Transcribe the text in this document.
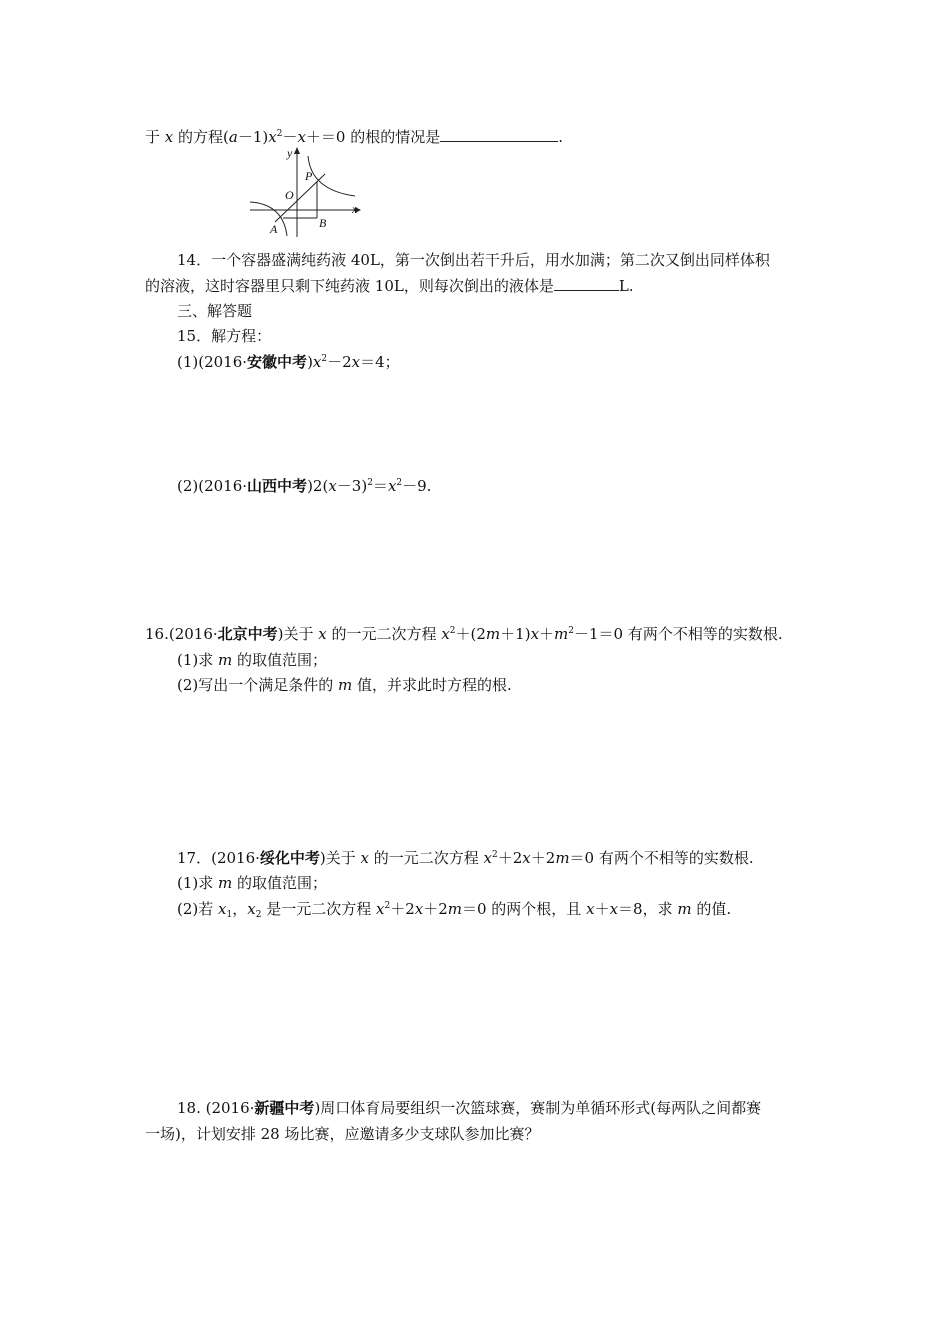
于 x 的方程$(a-1)x^2-x+=0$ 的根的情况是	.
y
x
O
P
A	B
14．一个容器盛满纯药液 40L，第一次倒出若干升后，用水加满；第二次又倒出同样体积
的溶液，这时容器里只剩下纯药液 10L，则每次倒出的液体是	L.
三、解答题
15．解方程：
(1)(2016·安徽中考)$x^2-2x=4$；
(2)(2016·山西中考)$2(x-3)^2=x^2-9$.
16.(2016·北京中考)关于 x 的一元二次方程 $x^2+(2m+1)x+m^2-1=0$ 有两个不相等的实数根.
(1)求 m 的取值范围；
(2)写出一个满足条件的 m 值，并求此时方程的根.
17．(2016·绥化中考)关于 x 的一元二次方程 $x^2+2x+2m=0$ 有两个不相等的实数根.
(1)求 m 的取值范围；
(2)若 $x_1$，$x_2$ 是一元二次方程 $x^2+2x+2m=0$ 的两个根，且 x＋x＝8，求 m 的值.
18. (2016·新疆中考)周口体育局要组织一次篮球赛，赛制为单循环形式(每两队之间都赛
一场)，计划安排 28 场比赛，应邀请多少支球队参加比赛？
